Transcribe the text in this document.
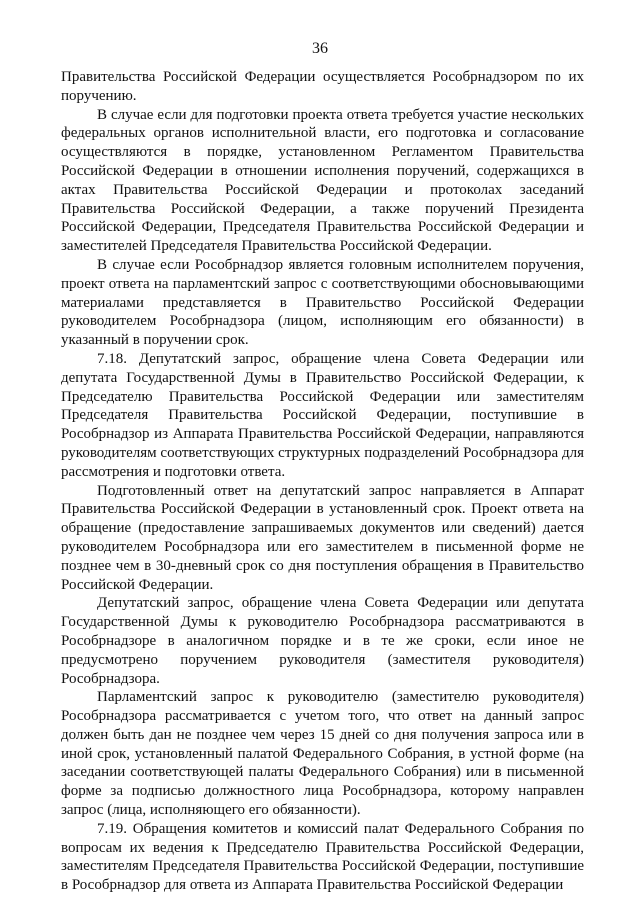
36

Правительства Российской Федерации осуществляется Рособрнадзором по их поручению.

В случае если для подготовки проекта ответа требуется участие нескольких федеральных органов исполнительной власти, его подготовка и согласование осуществляются в порядке, установленном Регламентом Правительства Российской Федерации в отношении исполнения поручений, содержащихся в актах Правительства Российской Федерации и протоколах заседаний Правительства Российской Федерации, а также поручений Президента Российской Федерации, Председателя Правительства Российской Федерации и заместителей Председателя Правительства Российской Федерации.

В случае если Рособрнадзор является головным исполнителем поручения, проект ответа на парламентский запрос с соответствующими обосновывающими материалами представляется в Правительство Российской Федерации руководителем Рособрнадзора (лицом, исполняющим его обязанности) в указанный в поручении срок.

7.18. Депутатский запрос, обращение члена Совета Федерации или депутата Государственной Думы в Правительство Российской Федерации, к Председателю Правительства Российской Федерации или заместителям Председателя Правительства Российской Федерации, поступившие в Рособрнадзор из Аппарата Правительства Российской Федерации, направляются руководителям соответствующих структурных подразделений Рособрнадзора для рассмотрения и подготовки ответа.

Подготовленный ответ на депутатский запрос направляется в Аппарат Правительства Российской Федерации в установленный срок. Проект ответа на обращение (предоставление запрашиваемых документов или сведений) дается руководителем Рособрнадзора или его заместителем в письменной форме не позднее чем в 30-дневный срок со дня поступления обращения в Правительство Российской Федерации.

Депутатский запрос, обращение члена Совета Федерации или депутата Государственной Думы к руководителю Рособрнадзора рассматриваются в Рособрнадзоре в аналогичном порядке и в те же сроки, если иное не предусмотрено поручением руководителя (заместителя руководителя) Рособрнадзора.

Парламентский запрос к руководителю (заместителю руководителя) Рособрнадзора рассматривается с учетом того, что ответ на данный запрос должен быть дан не позднее чем через 15 дней со дня получения запроса или в иной срок, установленный палатой Федерального Собрания, в устной форме (на заседании соответствующей палаты Федерального Собрания) или в письменной форме за подписью должностного лица Рособрнадзора, которому направлен запрос (лица, исполняющего его обязанности).

7.19. Обращения комитетов и комиссий палат Федерального Собрания по вопросам их ведения к Председателю Правительства Российской Федерации, заместителям Председателя Правительства Российской Федерации, поступившие в Рособрнадзор для ответа из Аппарата Правительства Российской Федерации
